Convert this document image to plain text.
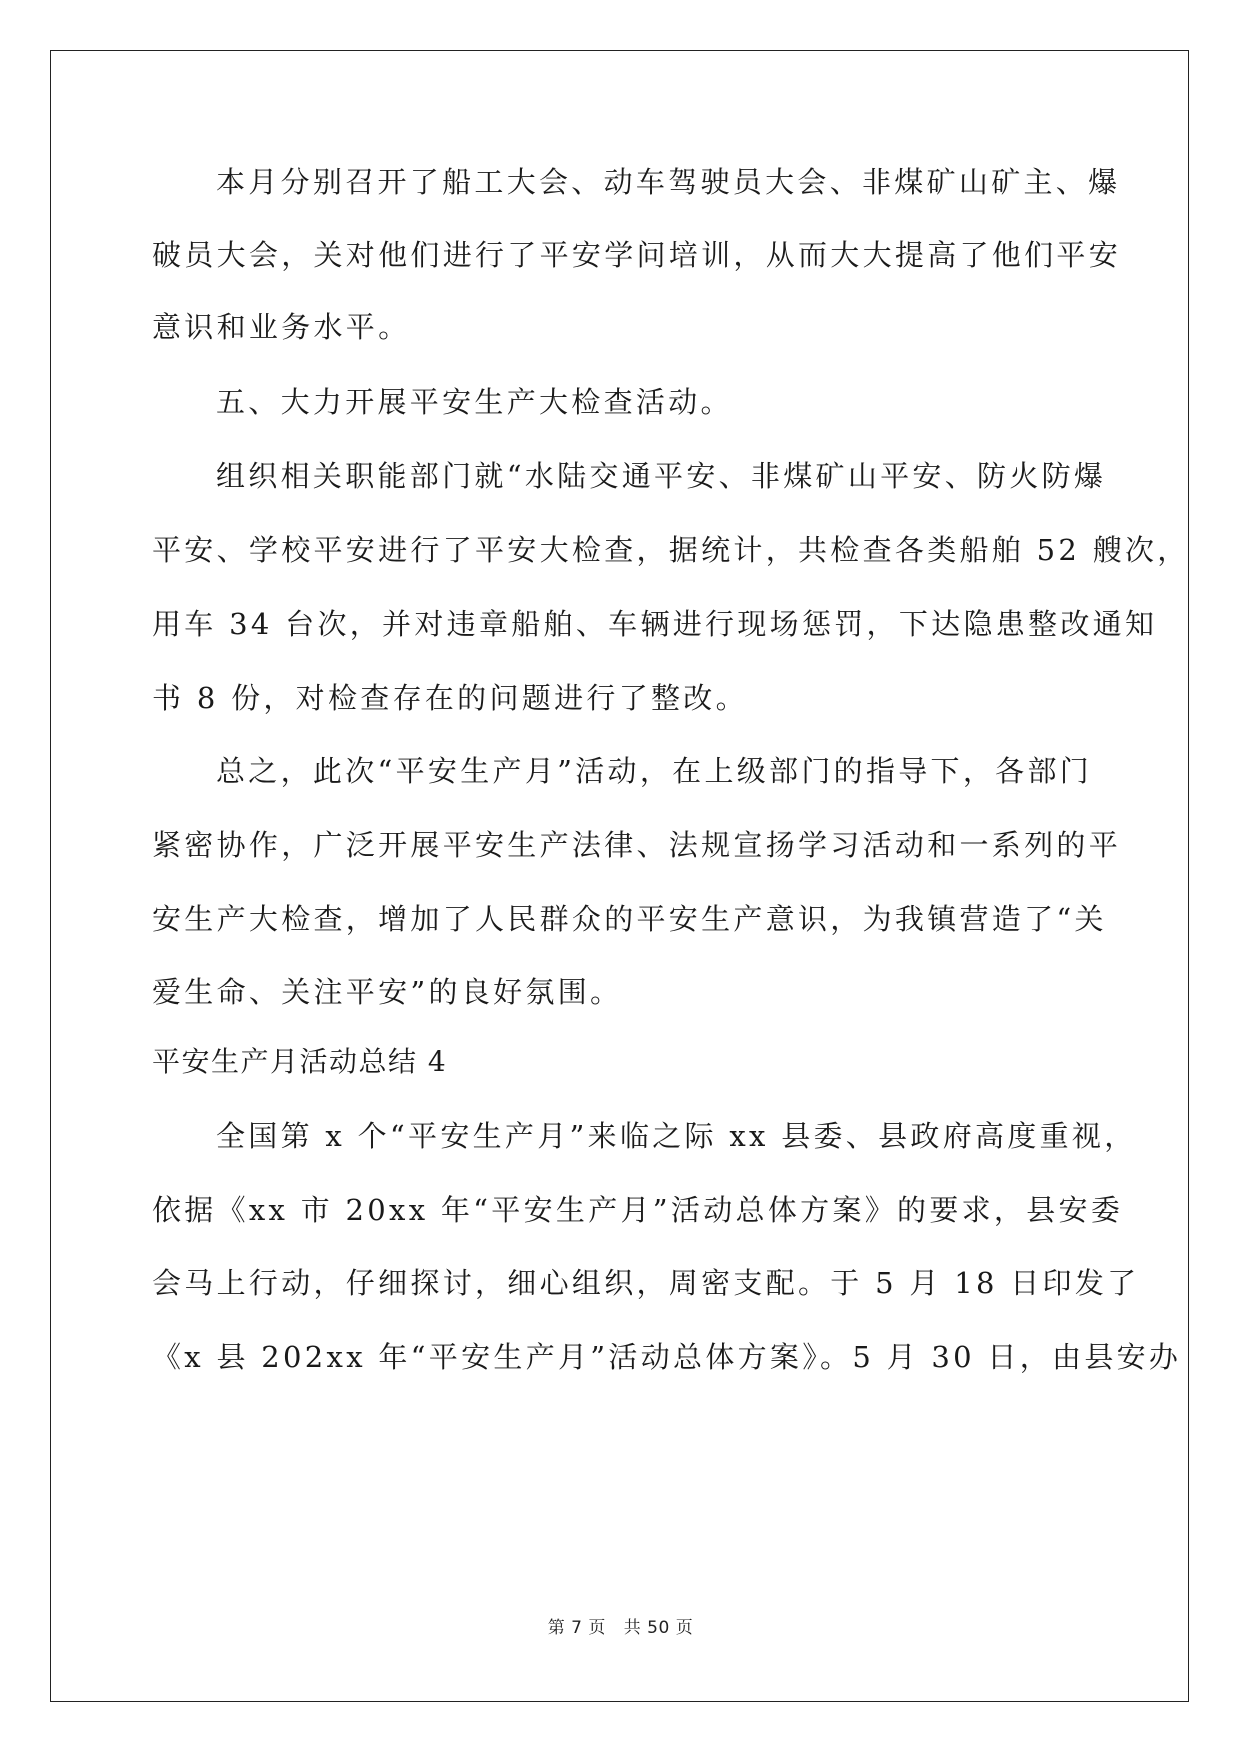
本月分别召开了船工大会、动车驾驶员大会、非煤矿山矿主、爆
破员大会，关对他们进行了平安学问培训，从而大大提高了他们平安
意识和业务水平。
五、大力开展平安生产大检查活动。
组织相关职能部门就“水陆交通平安、非煤矿山平安、防火防爆
平安、学校平安进行了平安大检查，据统计，共检查各类船舶 52 艘次，
用车 34 台次，并对违章船舶、车辆进行现场惩罚，下达隐患整改通知
书 8 份，对检查存在的问题进行了整改。
总之，此次“平安生产月”活动，在上级部门的指导下，各部门
紧密协作，广泛开展平安生产法律、法规宣扬学习活动和一系列的平
安生产大检查，增加了人民群众的平安生产意识，为我镇营造了“关
爱生命、关注平安”的良好氛围。
平安生产月活动总结 4
全国第 x 个“平安生产月”来临之际 xx 县委、县政府高度重视，
依据《xx 市 20xx 年“平安生产月”活动总体方案》的要求，县安委
会马上行动，仔细探讨，细心组织，周密支配。于 5 月 18 日印发了
《x 县 202xx 年“平安生产月”活动总体方案》。5 月 30 日，由县安办
第 7 页 共 50 页
